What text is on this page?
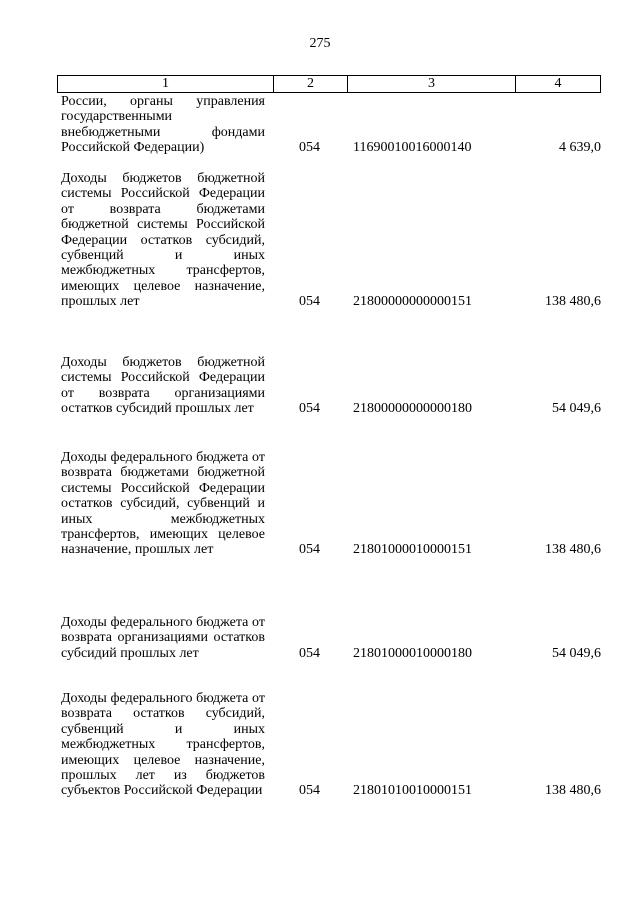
275
1	2	3	4
России, органы управления государственными внебюджетными фондами Российской Федерации)	054	11690010016000140	4 639,0
Доходы бюджетов бюджетной системы Российской Федерации от возврата бюджетами бюджетной системы Российской Федерации остатков субсидий, субвенций и иных межбюджетных трансфертов, имеющих целевое назначение, прошлых лет	054	21800000000000151	138 480,6
Доходы бюджетов бюджетной системы Российской Федерации от возврата организациями остатков субсидий прошлых лет	054	21800000000000180	54 049,6
Доходы федерального бюджета от возврата бюджетами бюджетной системы Российской Федерации остатков субсидий, субвенций и иных межбюджетных трансфертов, имеющих целевое назначение, прошлых лет	054	21801000010000151	138 480,6
Доходы федерального бюджета от возврата организациями остатков субсидий прошлых лет	054	21801000010000180	54 049,6
Доходы федерального бюджета от возврата остатков субсидий, субвенций и иных межбюджетных трансфертов, имеющих целевое назначение, прошлых лет из бюджетов субъектов Российской Федерации	054	21801010010000151	138 480,6
